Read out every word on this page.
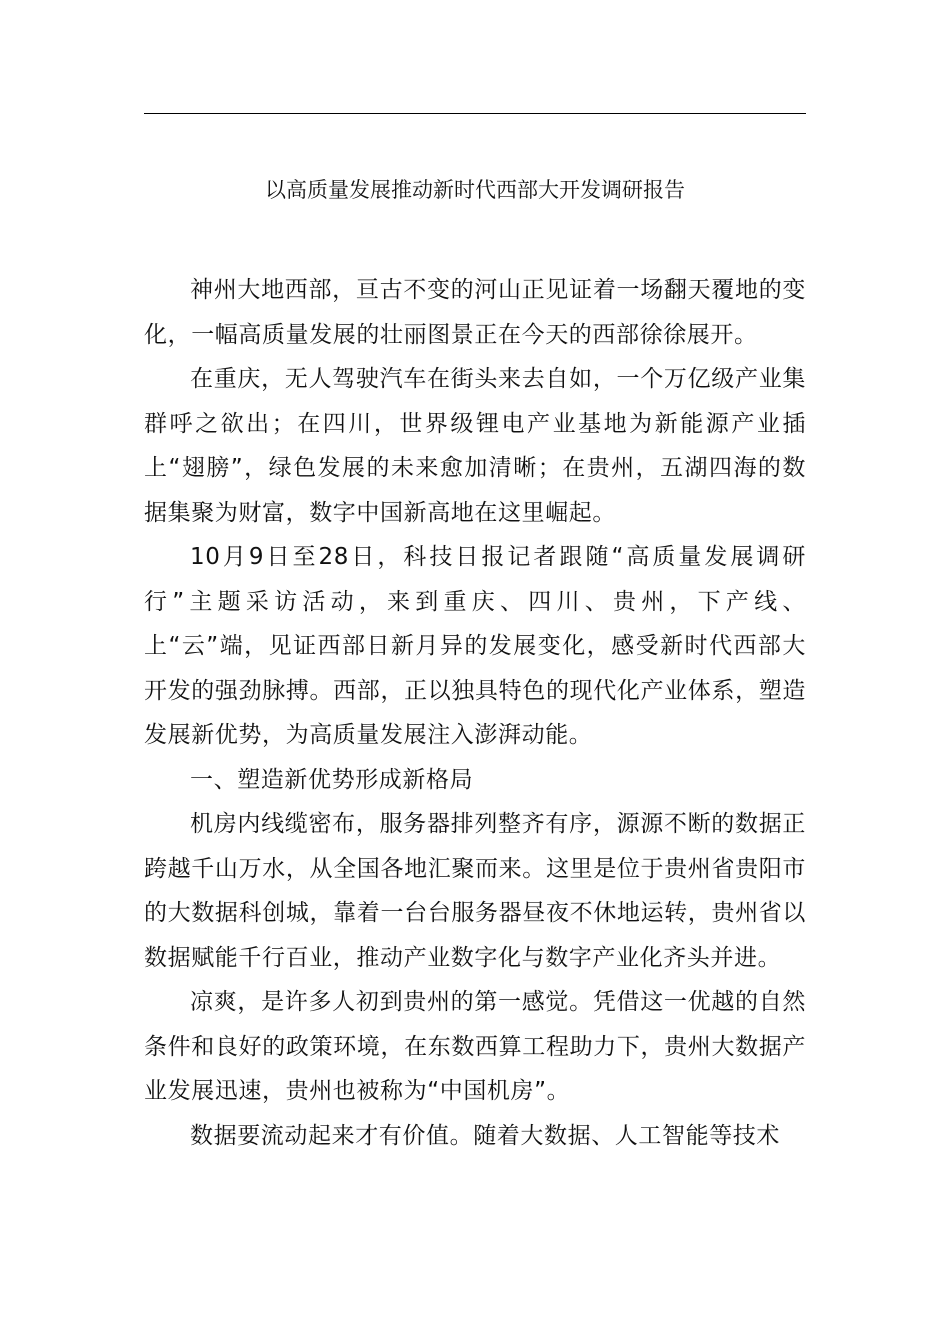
以高质量发展推动新时代西部大开发调研报告

神州大地西部，亘古不变的河山正见证着一场翻天覆地的变化，一幅高质量发展的壮丽图景正在今天的西部徐徐展开。

在重庆，无人驾驶汽车在街头来去自如，一个万亿级产业集群呼之欲出；在四川，世界级锂电产业基地为新能源产业插上“翅膀”，绿色发展的未来愈加清晰；在贵州，五湖四海的数据集聚为财富，数字中国新高地在这里崛起。

10月9日至28日，科技日报记者跟随“高质量发展调研行”主题采访活动，来到重庆、四川、贵州，下产线、上“云”端，见证西部日新月异的发展变化，感受新时代西部大开发的强劲脉搏。西部，正以独具特色的现代化产业体系，塑造发展新优势，为高质量发展注入澎湃动能。

一、塑造新优势形成新格局

机房内线缆密布，服务器排列整齐有序，源源不断的数据正跨越千山万水，从全国各地汇聚而来。这里是位于贵州省贵阳市的大数据科创城，靠着一台台服务器昼夜不休地运转，贵州省以数据赋能千行百业，推动产业数字化与数字产业化齐头并进。

凉爽，是许多人初到贵州的第一感觉。凭借这一优越的自然条件和良好的政策环境，在东数西算工程助力下，贵州大数据产业发展迅速，贵州也被称为“中国机房”。

数据要流动起来才有价值。随着大数据、人工智能等技术
